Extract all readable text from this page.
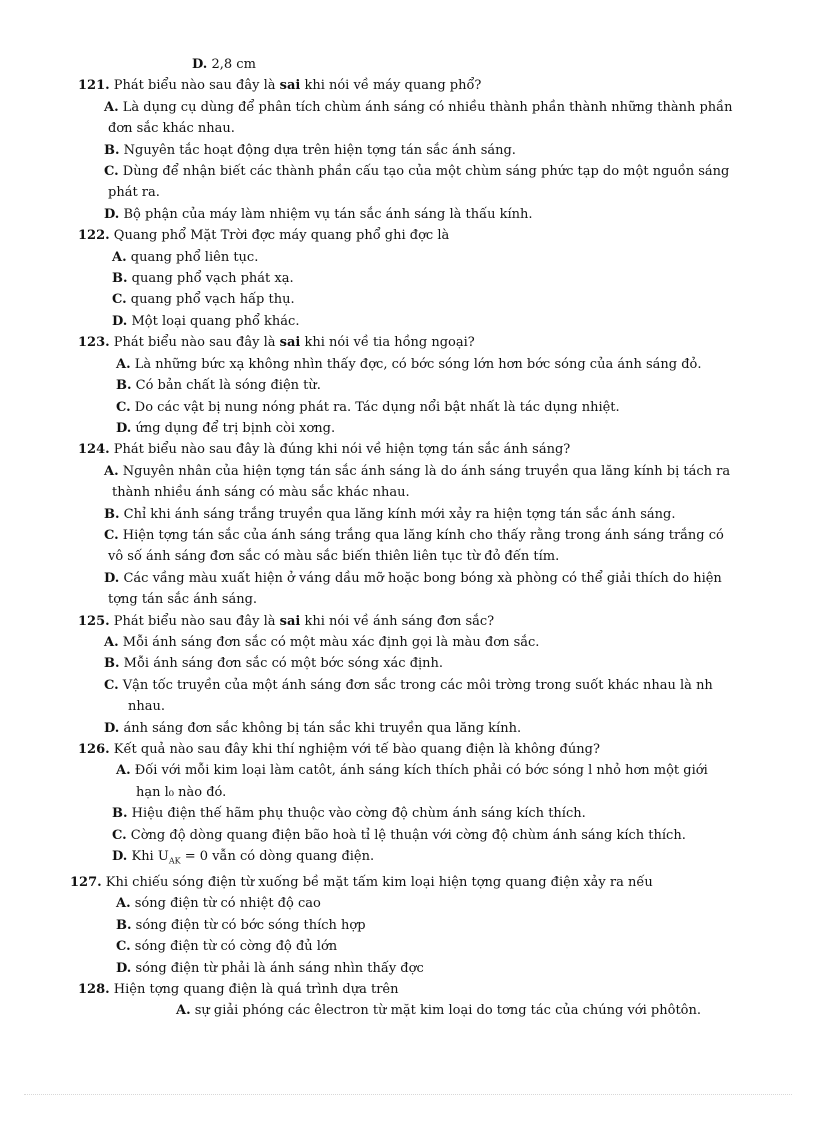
D. 2,8 cm
121. Phát biểu nào sau đây là sai khi nói về máy quang phổ?
A. Là dụng cụ dùng để phân tích chùm ánh sáng có nhiều thành phần thành những thành phần
đơn sắc khác nhau.
B. Nguyên tắc hoạt động dựa trên hiện tợng tán sắc ánh sáng.
C. Dùng để nhận biết các thành phần cấu tạo của một chùm sáng phức tạp do một nguồn sáng
phát ra.
D. Bộ phận của máy làm nhiệm vụ tán sắc ánh sáng là thấu kính.
122. Quang phổ Mặt Trời đợc máy quang phổ ghi đợc là
A. quang phổ liên tục.
B. quang phổ vạch phát xạ.
C. quang phổ vạch hấp thụ.
D. Một loại quang phổ khác.
123. Phát biểu nào sau đây là sai khi nói về tia hồng ngoại?
A. Là những bức xạ không nhìn thấy đợc, có bớc sóng lớn hơn bớc sóng của ánh sáng đỏ.
B. Có bản chất là sóng điện từ.
C. Do các vật bị nung nóng phát ra. Tác dụng nổi bật nhất là tác dụng nhiệt.
D. ứng dụng để trị bịnh còi xơng.
124. Phát biểu nào sau đây là đúng khi nói về hiện tợng tán sắc ánh sáng?
A. Nguyên nhân của hiện tợng tán sắc ánh sáng là do ánh sáng truyền qua lăng kính bị tách ra
thành nhiều ánh sáng có màu sắc khác nhau.
B. Chỉ khi ánh sáng trắng truyền qua lăng kính mới xảy ra hiện tợng tán sắc ánh sáng.
C. Hiện tợng tán sắc của ánh sáng trắng qua lăng kính cho thấy rằng trong ánh sáng trắng có
vô số ánh sáng đơn sắc có màu sắc biến thiên liên tục từ đỏ đến tím.
D. Các vầng màu xuất hiện ở váng dầu mỡ hoặc bong bóng xà phòng có thể giải thích do hiện
tợng tán sắc ánh sáng.
125. Phát biểu nào sau đây là sai khi nói về ánh sáng đơn sắc?
A. Mỗi ánh sáng đơn sắc có một màu xác định gọi là màu đơn sắc.
B. Mỗi ánh sáng đơn sắc có một bớc sóng xác định.
C. Vận tốc truyền của một ánh sáng đơn sắc trong các môi trờng trong suốt khác nhau là nh
nhau.
D. ánh sáng đơn sắc không bị tán sắc khi truyền qua lăng kính.
126. Kết quả nào sau đây khi thí nghiệm với tế bào quang điện là không đúng?
A. Đối với mỗi kim loại làm catôt, ánh sáng kích thích phải có bớc sóng l nhỏ hơn một giới
hạn l₀ nào đó.
B. Hiệu điện thế hãm phụ thuộc vào cờng độ chùm ánh sáng kích thích.
C. Cờng độ dòng quang điện bão hoà tỉ lệ thuận với cờng độ chùm ánh sáng kích thích.
D. Khi $U_{AK} = 0$ vẫn có dòng quang điện.
127. Khi chiếu sóng điện từ xuống bề mặt tấm kim loại hiện tợng quang điện xảy ra nếu
A. sóng điện từ có nhiệt độ cao
B. sóng điện từ có bớc sóng thích hợp
C. sóng điện từ có cờng độ đủ lớn
D. sóng điện từ phải là ánh sáng nhìn thấy đợc
128. Hiện tợng quang điện là quá trình dựa trên
A. sự giải phóng các êlectron từ mặt kim loại do tơng tác của chúng với phôtôn.
